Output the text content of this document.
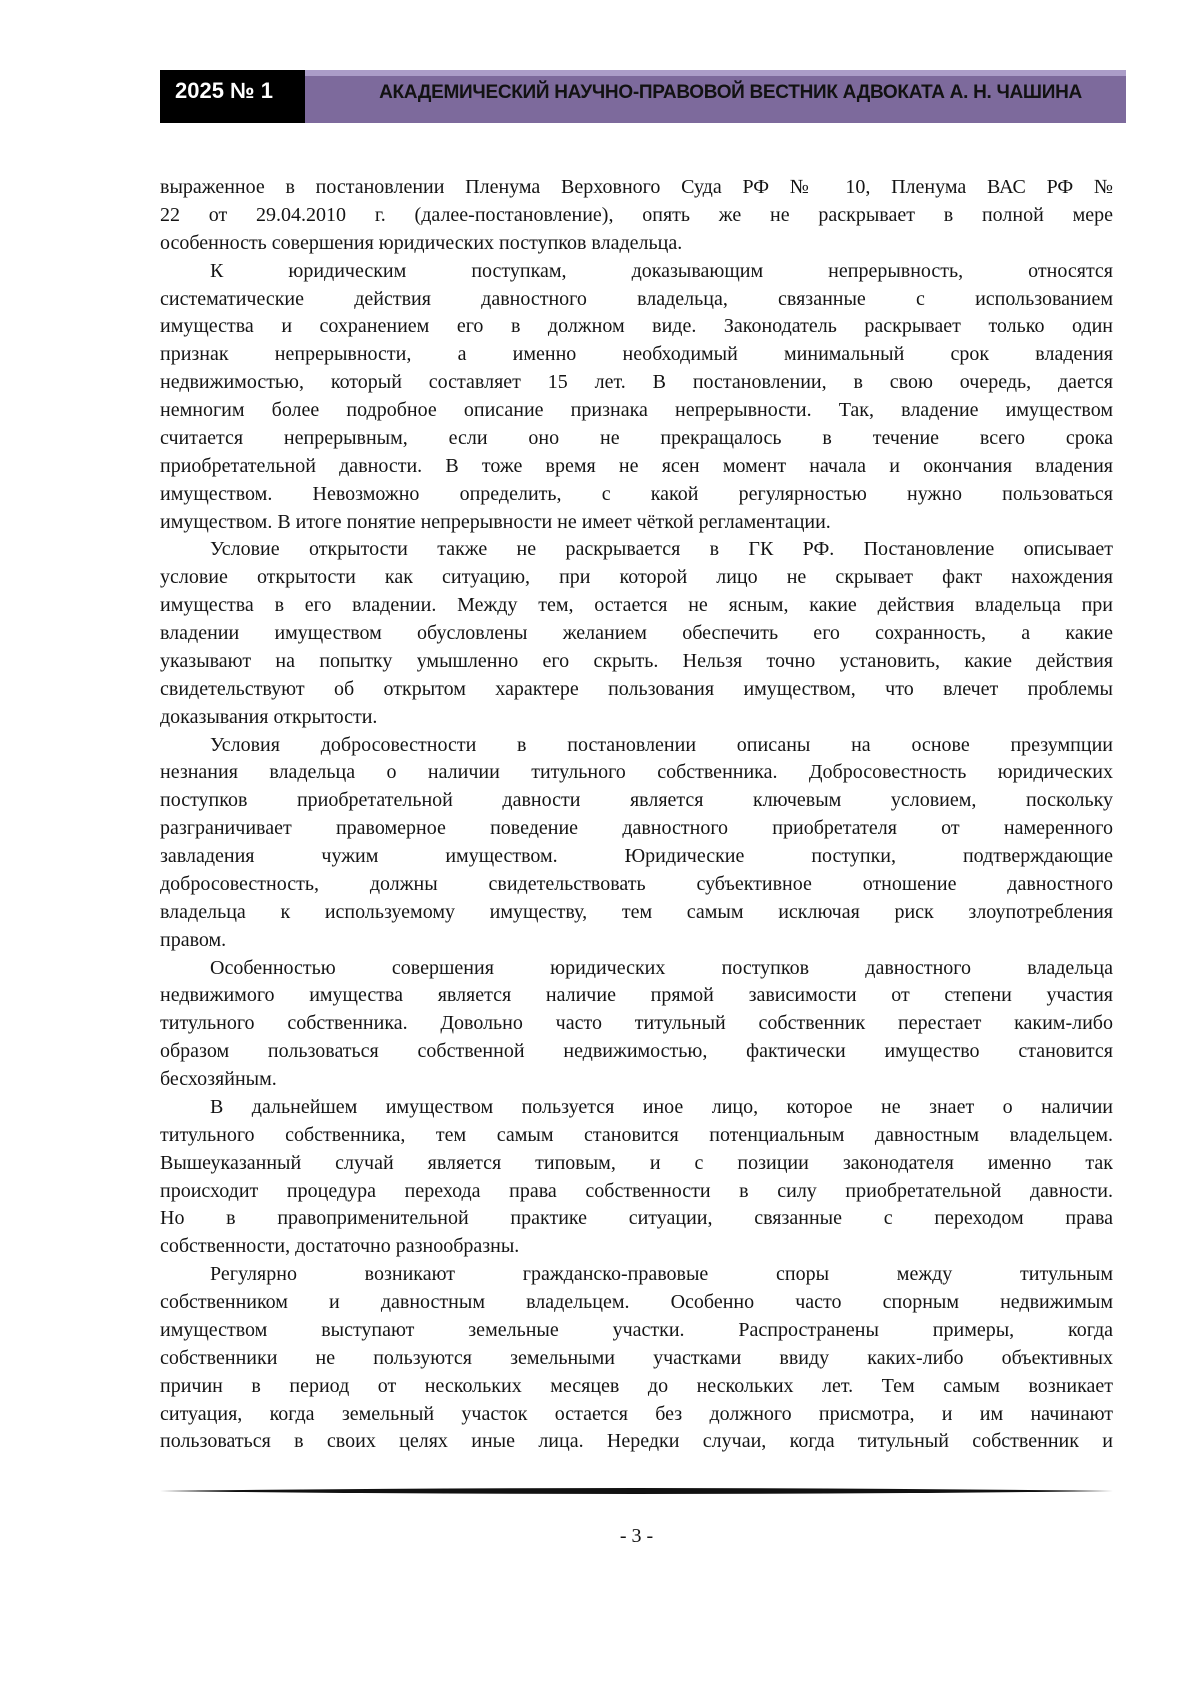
2025 № 1	АКАДЕМИЧЕСКИЙ НАУЧНО-ПРАВОВОЙ ВЕСТНИК АДВОКАТА А. Н. ЧАШИНА
выраженное в постановлении Пленума Верховного Суда РФ № 10, Пленума ВАС РФ №
22 от 29.04.2010 г. (далее-постановление), опять же не раскрывает в полной мере
особенность совершения юридических поступков владельца.
К юридическим поступкам, доказывающим непрерывность, относятся
систематические действия давностного владельца, связанные с использованием
имущества и сохранением его в должном виде. Законодатель раскрывает только один
признак непрерывности, а именно необходимый минимальный срок владения
недвижимостью, который составляет 15 лет. В постановлении, в свою очередь, дается
немногим более подробное описание признака непрерывности. Так, владение имуществом
считается непрерывным, если оно не прекращалось в течение всего срока
приобретательной давности. В тоже время не ясен момент начала и окончания владения
имуществом. Невозможно определить, с какой регулярностью нужно пользоваться
имуществом. В итоге понятие непрерывности не имеет чёткой регламентации.
Условие открытости также не раскрывается в ГК РФ. Постановление описывает
условие открытости как ситуацию, при которой лицо не скрывает факт нахождения
имущества в его владении. Между тем, остается не ясным, какие действия владельца при
владении имуществом обусловлены желанием обеспечить его сохранность, а какие
указывают на попытку умышленно его скрыть. Нельзя точно установить, какие действия
свидетельствуют об открытом характере пользования имуществом, что влечет проблемы
доказывания открытости.
Условия добросовестности в постановлении описаны на основе презумпции
незнания владельца о наличии титульного собственника. Добросовестность юридических
поступков приобретательной давности является ключевым условием, поскольку
разграничивает правомерное поведение давностного приобретателя от намеренного
завладения чужим имуществом. Юридические поступки, подтверждающие
добросовестность, должны свидетельствовать субъективное отношение давностного
владельца к используемому имуществу, тем самым исключая риск злоупотребления
правом.
Особенностью совершения юридических поступков давностного владельца
недвижимого имущества является наличие прямой зависимости от степени участия
титульного собственника. Довольно часто титульный собственник перестает каким-либо
образом пользоваться собственной недвижимостью, фактически имущество становится
бесхозяйным.
В дальнейшем имуществом пользуется иное лицо, которое не знает о наличии
титульного собственника, тем самым становится потенциальным давностным владельцем.
Вышеуказанный случай является типовым, и с позиции законодателя именно так
происходит процедура перехода права собственности в силу приобретательной давности.
Но в правоприменительной практике ситуации, связанные с переходом права
собственности, достаточно разнообразны.
Регулярно возникают гражданско-правовые споры между титульным
собственником и давностным владельцем. Особенно часто спорным недвижимым
имуществом выступают земельные участки. Распространены примеры, когда
собственники не пользуются земельными участками ввиду каких-либо объективных
причин в период от нескольких месяцев до нескольких лет. Тем самым возникает
ситуация, когда земельный участок остается без должного присмотра, и им начинают
пользоваться в своих целях иные лица. Нередки случаи, когда титульный собственник и
- 3 -
